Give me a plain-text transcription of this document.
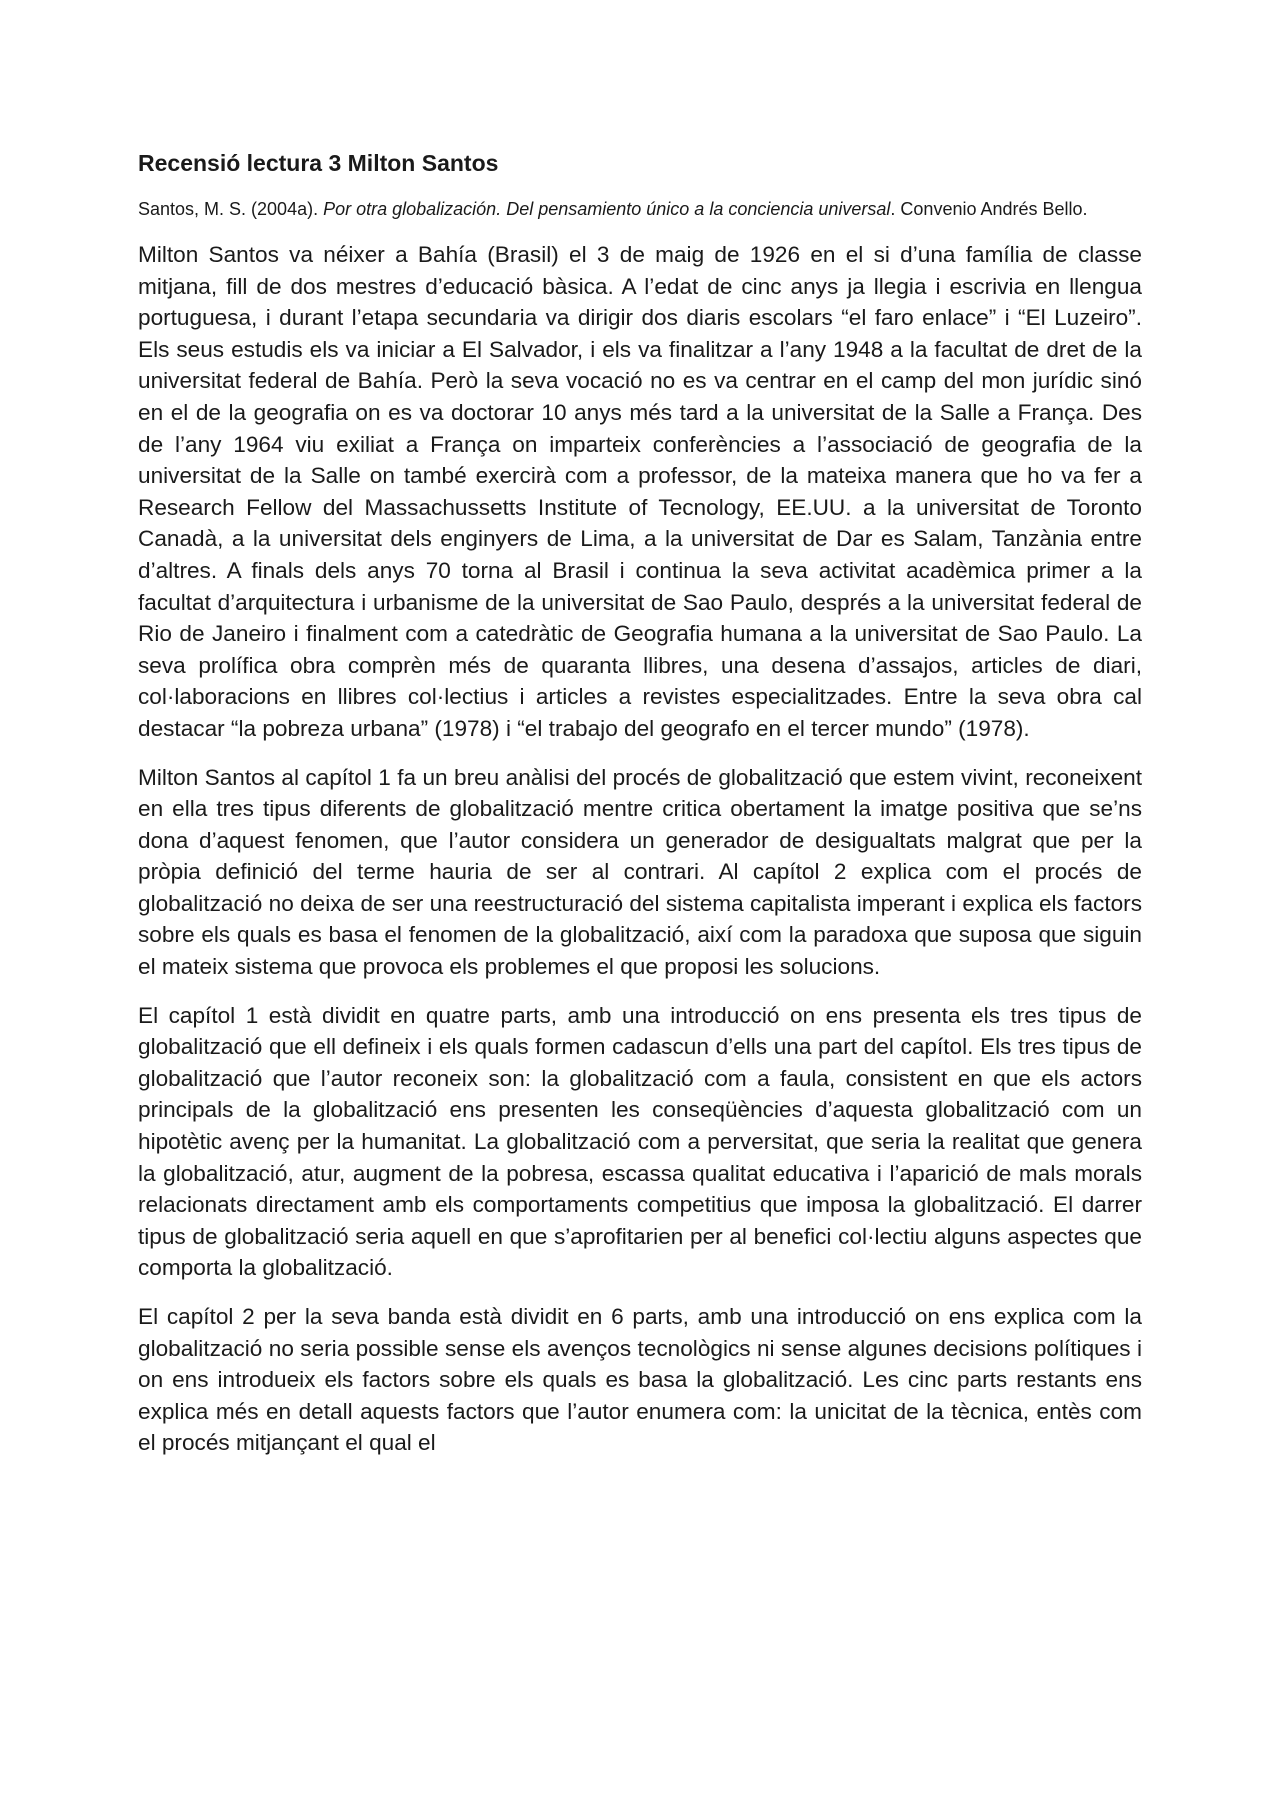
Recensió lectura 3 Milton Santos

Santos, M. S. (2004a). Por otra globalización. Del pensamiento único a la conciencia universal. Convenio Andrés Bello.

Milton Santos va néixer a Bahía (Brasil) el 3 de maig de 1926 en el si d’una família de classe mitjana, fill de dos mestres d’educació bàsica. A l’edat de cinc anys ja llegia i escrivia en llengua portuguesa, i durant l’etapa secundaria va dirigir dos diaris escolars “el faro enlace” i “El Luzeiro”. Els seus estudis els va iniciar a El Salvador, i els va finalitzar a l’any 1948 a la facultat de dret de la universitat federal de Bahía. Però la seva vocació no es va centrar en el camp del mon jurídic sinó en el de la geografia on es va doctorar 10 anys més tard a la universitat de la Salle a França. Des de l’any 1964 viu exiliat a França on imparteix conferències a l’associació de geografia de la universitat de la Salle on també exercirà com a professor, de la mateixa manera que ho va fer a Research Fellow del Massachussetts Institute of Tecnology, EE.UU. a la universitat de Toronto Canadà, a la universitat dels enginyers de Lima, a la universitat de Dar es Salam, Tanzània entre d’altres. A finals dels anys 70 torna al Brasil i continua la seva activitat acadèmica primer a la facultat d’arquitectura i urbanisme de la universitat de Sao Paulo, després a la universitat federal de Rio de Janeiro i finalment com a catedràtic de Geografia humana a la universitat de Sao Paulo. La seva prolífica obra comprèn més de quaranta llibres, una desena d’assajos, articles de diari, col·laboracions en llibres col·lectius i articles a revistes especialitzades. Entre la seva obra cal destacar “la pobreza urbana” (1978) i “el trabajo del geografo en el tercer mundo” (1978).

Milton Santos al capítol 1 fa un breu anàlisi del procés de globalització que estem vivint, reconeixent en ella tres tipus diferents de globalització mentre critica obertament la imatge positiva que se’ns dona d’aquest fenomen, que l’autor considera un generador de desigualtats malgrat que per la pròpia definició del terme hauria de ser al contrari. Al capítol 2 explica com el procés de globalització no deixa de ser una reestructuració del sistema capitalista imperant i explica els factors sobre els quals es basa el fenomen de la globalització, així com la paradoxa que suposa que siguin el mateix sistema que provoca els problemes el que proposi les solucions.

El capítol 1 està dividit en quatre parts, amb una introducció on ens presenta els tres tipus de globalització que ell defineix i els quals formen cadascun d’ells una part del capítol. Els tres tipus de globalització que l’autor reconeix son: la globalització com a faula, consistent en que els actors principals de la globalització ens presenten les conseqüències d’aquesta globalització com un hipotètic avenç per la humanitat. La globalització com a perversitat, que seria la realitat que genera la globalització, atur, augment de la pobresa, escassa qualitat educativa i l’aparició de mals morals relacionats directament amb els comportaments competitius que imposa la globalització. El darrer tipus de globalització seria aquell en que s’aprofitarien per al benefici col·lectiu alguns aspectes que comporta la globalització.

El capítol 2 per la seva banda està dividit en 6 parts, amb una introducció on ens explica com la globalització no seria possible sense els avenços tecnològics ni sense algunes decisions polítiques i on ens introdueix els factors sobre els quals es basa la globalització. Les cinc parts restants ens explica més en detall aquests factors que l’autor enumera com: la unicitat de la tècnica, entès com el procés mitjançant el qual el
